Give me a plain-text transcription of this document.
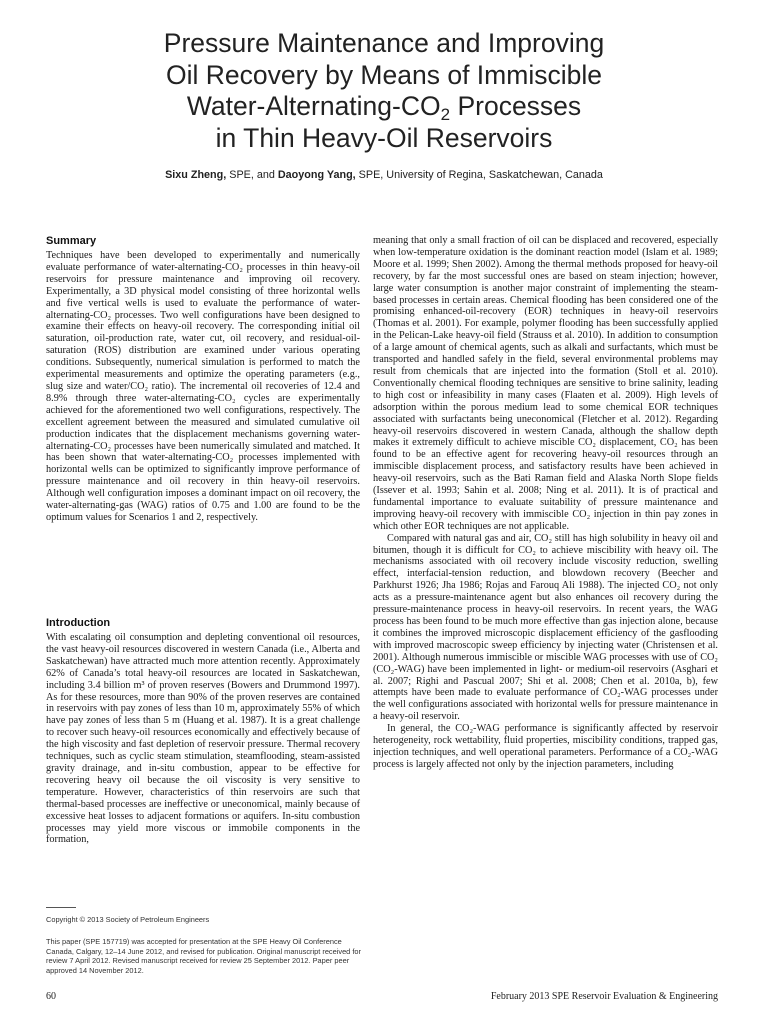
Pressure Maintenance and Improving
Oil Recovery by Means of Immiscible
Water-$Alternating-CO_2$ Processes
in Thin Heavy-Oil Reservoirs
Sixu Zheng, SPE, and Daoyong Yang, SPE, University of Regina, Saskatchewan, Canada
Summary

Techniques have been developed to experimentally and numerically evaluate performance of water-alternating-CO₂ processes in thin heavy-oil reservoirs for pressure maintenance and improving oil recovery. Experimentally, a 3D physical model consisting of three horizontal wells and five vertical wells is used to evaluate the performance of water-alternating-CO₂ processes. Two well configurations have been designed to examine their effects on heavy-oil recovery. The corresponding initial oil saturation, oil-production rate, water cut, oil recovery, and residual-oil-saturation (ROS) distribution are examined under various operating conditions. Subsequently, numerical simulation is performed to match the experimental measurements and optimize the operating parameters (e.g., slug size and water/CO₂ ratio). The incremental oil recoveries of 12.4 and 8.9% through three water-alternating-CO₂ cycles are experimentally achieved for the aforementioned two well configurations, respectively. The excellent agreement between the measured and simulated cumulative oil production indicates that the displacement mechanisms governing water-alternating-CO₂ processes have been numerically simulated and matched. It has been shown that water-alternating-CO₂ processes implemented with horizontal wells can be optimized to significantly improve performance of pressure maintenance and oil recovery in thin heavy-oil reservoirs. Although well configuration imposes a dominant impact on oil recovery, the water-alternating-gas (WAG) ratios of 0.75 and 1.00 are found to be the optimum values for Scenarios 1 and 2, respectively.

Introduction

With escalating oil consumption and depleting conventional oil resources, the vast heavy-oil resources discovered in western Canada (i.e., Alberta and Saskatchewan) have attracted much more attention recently. Approximately 62% of Canada’s total heavy-oil resources are located in Saskatchewan, including 3.4 billion m³ of proven reserves (Bowers and Drummond 1997). As for these resources, more than 90% of the proven reserves are contained in reservoirs with pay zones of less than 10 m, approximately 55% of which have pay zones of less than 5 m (Huang et al. 1987). It is a great challenge to recover such heavy-oil resources economically and effectively because of the high viscosity and fast depletion of reservoir pressure. Thermal recovery techniques, such as cyclic steam stimulation, steamflooding, steam-assisted gravity drainage, and in-situ combustion, appear to be effective for recovering heavy oil because the oil viscosity is very sensitive to temperature. However, characteristics of thin reservoirs are such that thermal-based processes are ineffective or uneconomical, mainly because of excessive heat losses to adjacent formations or aquifers. In-situ combustion processes may yield more viscous or immobile components in the formation,

meaning that only a small fraction of oil can be displaced and recovered, especially when low-temperature oxidation is the dominant reaction model (Islam et al. 1989; Moore et al. 1999; Shen 2002). Among the thermal methods proposed for heavy-oil recovery, by far the most successful ones are based on steam injection; however, large water consumption is another major constraint of implementing the steam-based processes in certain areas. Chemical flooding has been considered one of the promising enhanced-oil-recovery (EOR) techniques in heavy-oil reservoirs (Thomas et al. 2001). For example, polymer flooding has been successfully applied in the Pelican-Lake heavy-oil field (Strauss et al. 2010). In addition to consumption of a large amount of chemical agents, such as alkali and surfactants, which must be transported and handled safely in the field, several environmental problems may result from chemicals that are injected into the formation (Stoll et al. 2010). Conventionally chemical flooding techniques are sensitive to brine salinity, leading to high cost or infeasibility in many cases (Flaaten et al. 2009). High levels of adsorption within the porous medium lead to some chemical EOR techniques associated with surfactants being uneconomical (Fletcher et al. 2012). Regarding heavy-oil reservoirs discovered in western Canada, although the shallow depth makes it extremely difficult to achieve miscible CO₂ displacement, CO₂ has been found to be an effective agent for recovering heavy-oil resources through an immiscible displacement process, and satisfactory results have been achieved in heavy-oil reservoirs, such as the Bati Raman field and Alaska North Slope fields (Issever et al. 1993; Sahin et al. 2008; Ning et al. 2011). It is of practical and fundamental importance to evaluate suitability of pressure maintenance and improving heavy-oil recovery with immiscible CO₂ injection in thin pay zones in which other EOR techniques are not applicable.

Compared with natural gas and air, CO₂ still has high solubility in heavy oil and bitumen, though it is difficult for CO₂ to achieve miscibility with heavy oil. The mechanisms associated with oil recovery include viscosity reduction, swelling effect, interfacial-tension reduction, and blowdown recovery (Beecher and Parkhurst 1926; Jha 1986; Rojas and Farouq Ali 1988). The injected CO₂ not only acts as a pressure-maintenance agent but also enhances oil recovery during the pressure-maintenance process in heavy-oil reservoirs. In recent years, the WAG process has been found to be much more effective than gas injection alone, because it combines the improved microscopic displacement efficiency of the gasflooding with improved macroscopic sweep efficiency by injecting water (Christensen et al. 2001). Although numerous immiscible or miscible WAG processes with use of CO₂ (CO₂-WAG) have been implemented in light- or medium-oil reservoirs (Asghari et al. 2007; Righi and Pascual 2007; Shi et al. 2008; Chen et al. 2010a, b), few attempts have been made to evaluate performance of CO₂-WAG processes under the well configurations associated with horizontal wells for pressure maintenance in a heavy-oil reservoir.

In general, the CO₂-WAG performance is significantly affected by reservoir heterogeneity, rock wettability, fluid properties, miscibility conditions, trapped gas, injection techniques, and well operational parameters. Performance of a CO₂-WAG process is largely affected not only by the injection parameters, including

Copyright © 2013 Society of Petroleum Engineers
This paper (SPE 157719) was accepted for presentation at the SPE Heavy Oil Conference Canada, Calgary, 12–14 June 2012, and revised for publication. Original manuscript received for review 7 April 2012. Revised manuscript received for review 25 September 2012. Paper peer approved 14 November 2012.
60	February 2013 SPE Reservoir Evaluation & Engineering
